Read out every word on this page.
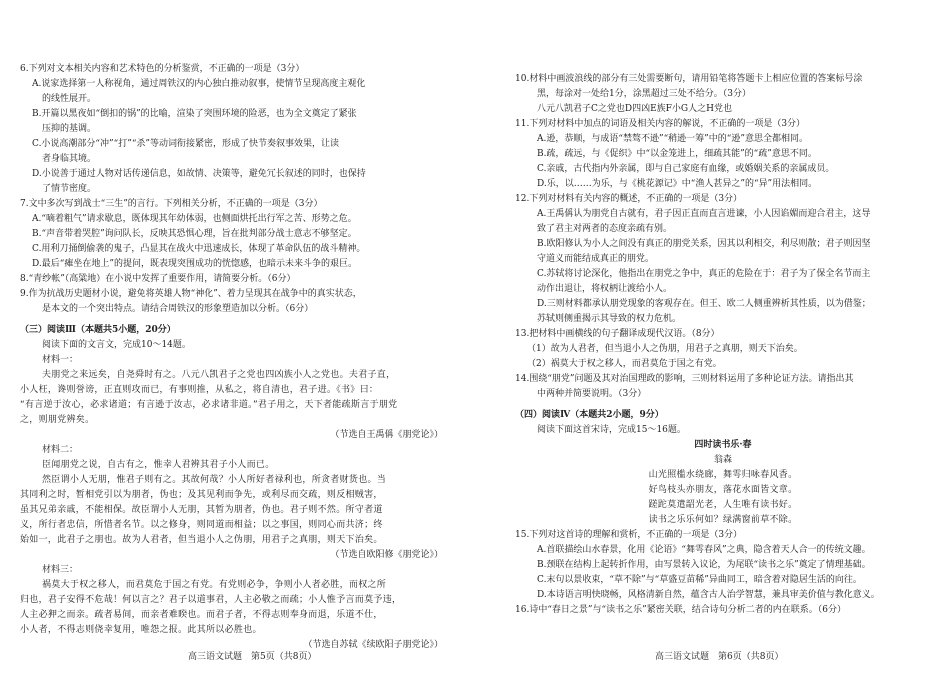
6.下列对文本相关内容和艺术特色的分析鉴赏，不正确的一项是（3分）
A.说家选择第一人称视角，通过周铁汉的内心独白推动叙事，使情节呈现高度主观化
的线性展开。
B.开篇以黑夜如“倒扣的锅”的比喻，渲染了突围环境的险恶，也为全文奠定了紧张
压抑的基调。
C.小说高潮部分“冲”“打”“杀”等动词衔接紧密，形成了快节奏叙事效果，让读
者身临其境。
D.小说善于通过人物对话传递信息，如故情、决策等，避免冗长叙述的同时，也保持
了情节密度。
7.文中多次写到战士“三生”的言行。下列相关分析，不正确的一项是（3分）
A.“嘀着粗气”请求歇息，既体现其年幼体弱，也侧面烘托出行军之苦、形势之危。
B.“声音带着哭腔”询问队长，反映其恐惧心理，旨在批判部分战士意志不够坚定。
C.用利刀捅倒偷袭的鬼子，凸显其在战火中迅速成长，体现了革命队伍的战斗精神。
D.最后“瘫坐在地上”的提问，既表现突围成功的恍惚感，也暗示未来斗争的艰巨。
8.“青纱帐”（高粱地）在小说中发挥了重要作用，请简要分析。（6分）
9.作为抗战历史题材小说，避免将英雄人物“神化”、着力呈现其在战争中的真实状态，
是本文的一个突出特点。请结合周铁汉的形象塑造加以分析。（6分）
（三）阅读Ⅲ（本题共5小题，20分）
阅读下面的文言文，完成10～14题。
材料一：
夫朋党之来远矣，自尧舜时有之。八元八凯君子之党也四凶族小人之党也。夫君子直，
小人枉，谗则誉谤，正直则攻而已，有事则推，从私之，将自清也，君子进。《书》曰：
“有言逆于汝心，必求诸道；有言逊于汝志，必求诸非道。”君子用之，天下者能疏斯言于朋党
之，则朋党辨矣。
（节选自王禹偁《朋党论》）
材料二：
臣闻朋党之说，自古有之，惟幸人君辨其君子小人而已。
然臣谓小人无朋，惟君子则有之。其故何哉？小人所好者禄利也，所贪者财货也。当
其同利之时，暂相党引以为朋者，伪也；及其见利而争先，或利尽而交疏，则反相贼害，
虽其兄弟亲戚，不能相保。故臣谓小人无朋，其暂为朋者，伪也。君子则不然。所守者道
义，所行者忠信，所惜者名节。以之修身，则同道而相益；以之事国，则同心而共济；终
始如一，此君子之朋也。故为人君者，但当退小人之伪朋，用君子之真朋，则天下治矣。
（节选自欧阳修《朋党论》）
材料三：
祸莫大于权之移人，而君莫危于国之有党。有党则必争，争则小人者必胜，而权之所
归也，君子安得不危哉！何以言之？君子以道事君，人主必敬之而疏；小人惟予言而莫予违，
人主必狎之而亲。疏者易间，而亲者难睽也。而君子者，不得志则奉身而退，乐道不仕，
小人者，不得志则侥幸复用，唯怨之报。此其所以必胜也。
（节选自苏轼《续欧阳子朋党论》）
10.材料中画波浪线的部分有三处需要断句，请用铅笔将答题卡上相应位置的答案标号涂
黑，每涂对一处给1分，涂黑超过三处不给分。（3分）
八元八凯君子C之党也D四凶E族F小G人之H党也
11.下列对材料中加点的词语及相关内容的解说，不正确的一项是（3分）
A.逊，恭顺，与成语“禁骜不逊”“稍逊一筹”中的“逊”意思全都相同。
B.疏，疏远，与《促织》中“以金笼进上，细疏其能”的“疏”意思不同。
C.亲戚，古代指内外亲属，即与自己家庭有血缘，或婚姻关系的亲属成员。
D.乐，以……为乐，与《桃花源记》中“渔人甚异之”的“异”用法相同。
12.下列对材料有关内容的概述，不正确的一项是（3分）
A.王禹偁认为朋党自古就有，君子因正直而直言进谏，小人因谄媚而迎合君主，这导
致了君主对两者的态度亲疏有别。
B.欧阳修认为小人之间没有真正的朋党关系，因其以利相交，利尽则散；君子则因坚
守道义而能结成真正的朋党。
C.苏轼将讨论深化，他指出在朋党之争中，真正的危险在于：君子为了保全名节而主
动作出退让，将权柄让渡给小人。
D.三则材料都承认朋党现象的客观存在。但王、欧二人侧重辨析其性质，以为借鉴；
苏轼则侧重揭示其导致的权力危机。
13.把材料中画横线的句子翻译成现代汉语。（8分）
（1）故为人君者，但当退小人之伪朋，用君子之真朋，则天下治矣。
（2）祸莫大于权之移人，而君莫危于国之有党。
14.围绕“朋党”问题及其对治国理政的影响，三则材料运用了多种论证方法。请指出其
中两种并简要说明。（3分）
（四）阅读Ⅳ（本题共2小题，9分）
阅读下面这首宋诗，完成15～16题。
四时读书乐·春
翁森
山光照槛水绕廊，舞雩归咏春风香。
好鸟枝头亦朋友，落花水面皆文章。
蹉跎莫遣韶光老，人生唯有读书好。
读书之乐乐何如？绿满窗前草不除。
15.下列对这首诗的理解和赏析，不正确的一项是（3分）
A.首联描绘山水春景，化用《论语》“舞雩春风”之典，隐含着天人合一的传统文趣。
B.颈联在结构上起转折作用，由写景转入议论，为尾联“读书之乐”奠定了情理基础。
C.末句以景收束，“草不除”与“草盛豆苗稀”异曲同工，暗含着对隐居生活的向往。
D.本诗语言明快晓畅，风格清新自然，蕴含古人治学智慧，兼具审美价值与教化意义。
16.诗中“春日之景”与“读书之乐”紧密关联，结合诗句分析二者的内在联系。（6分）
高三语文试题　第5页（共8页）	高三语文试题　第6页（共8页）
